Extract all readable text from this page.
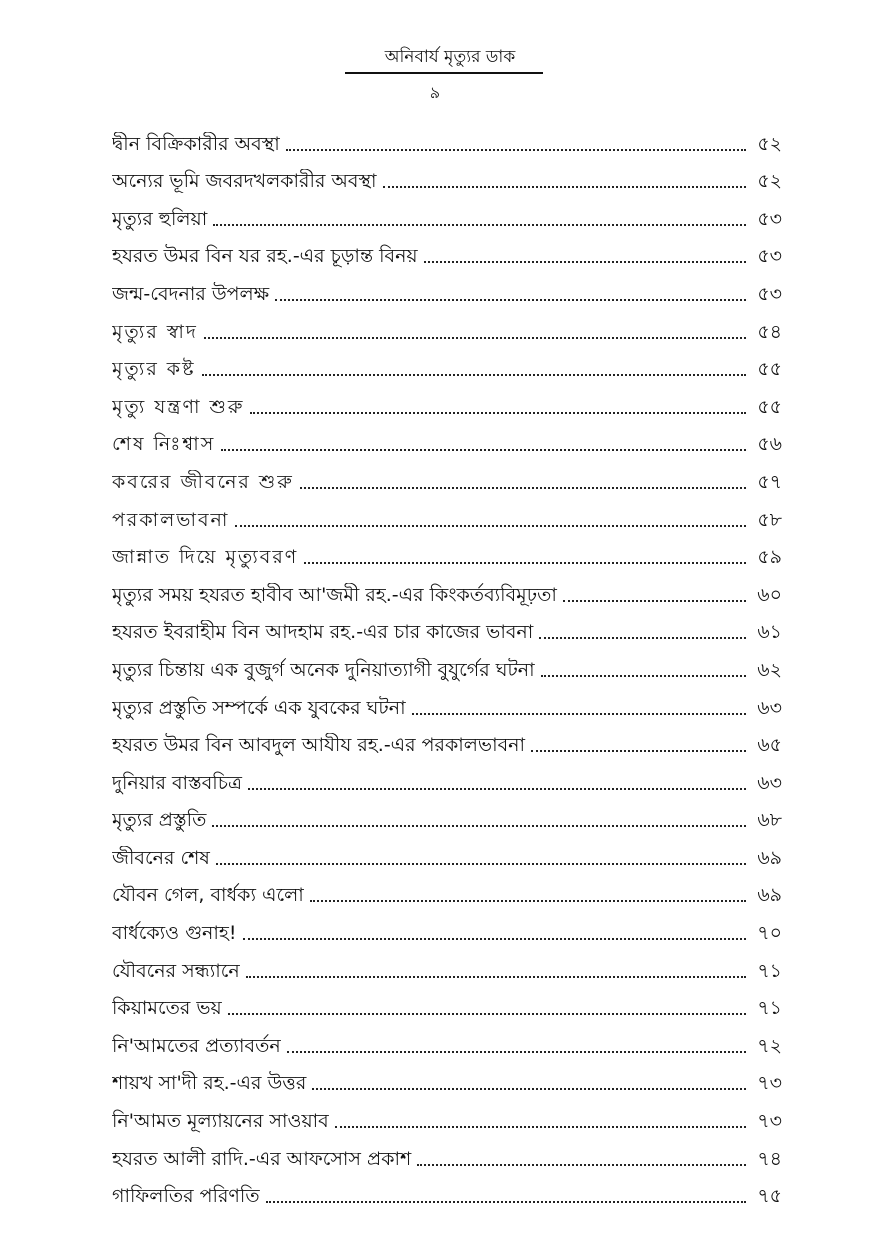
অনিবার্য মৃত্যুর ডাক
৯
দ্বীন বিক্রিকারীর অবস্থা	৫২
অন্যের ভূমি জবরদখলকারীর অবস্থা	৫২
মৃত্যুর হুলিয়া	৫৩
হযরত উমর বিন যর রহ.-এর চূড়ান্ত বিনয়	৫৩
জন্ম-বেদনার উপলক্ষ	৫৩
মৃত্যুর স্বাদ	৫৪
মৃত্যুর কষ্ট	৫৫
মৃত্যু যন্ত্রণা শুরু	৫৫
শেষ নিঃশ্বাস	৫৬
কবরের জীবনের শুরু	৫৭
পরকালভাবনা	৫৮
জান্নাত দিয়ে মৃত্যুবরণ	৫৯
মৃত্যুর সময় হযরত হাবীব আ'জমী রহ.-এর কিংকর্তব্যবিমূঢ়তা	৬০
হযরত ইবরাহীম বিন আদহাম রহ.-এর চার কাজের ভাবনা	৬১
মৃত্যুর চিন্তায় এক বুজুর্গ অনেক দুনিয়াত্যাগী বুযুর্গের ঘটনা	৬২
মৃত্যুর প্রস্তুতি সম্পর্কে এক যুবকের ঘটনা	৬৩
হযরত উমর বিন আবদুল আযীয রহ.-এর পরকালভাবনা	৬৫
দুনিয়ার বাস্তবচিত্র	৬৩
মৃত্যুর প্রস্তুতি	৬৮
জীবনের শেষ	৬৯
যৌবন গেল, বার্ধক্য এলো	৬৯
বার্ধক্যেও গুনাহ!	৭০
যৌবনের সন্ধ্যানে	৭১
কিয়ামতের ভয়	৭১
নি'আমতের প্রত্যাবর্তন	৭২
শায়খ সা'দী রহ.-এর উত্তর	৭৩
নি'আমত মূল্যায়নের সাওয়াব	৭৩
হযরত আলী রাদি.-এর আফসোস প্রকাশ	৭৪
গাফিলতির পরিণতি	৭৫
